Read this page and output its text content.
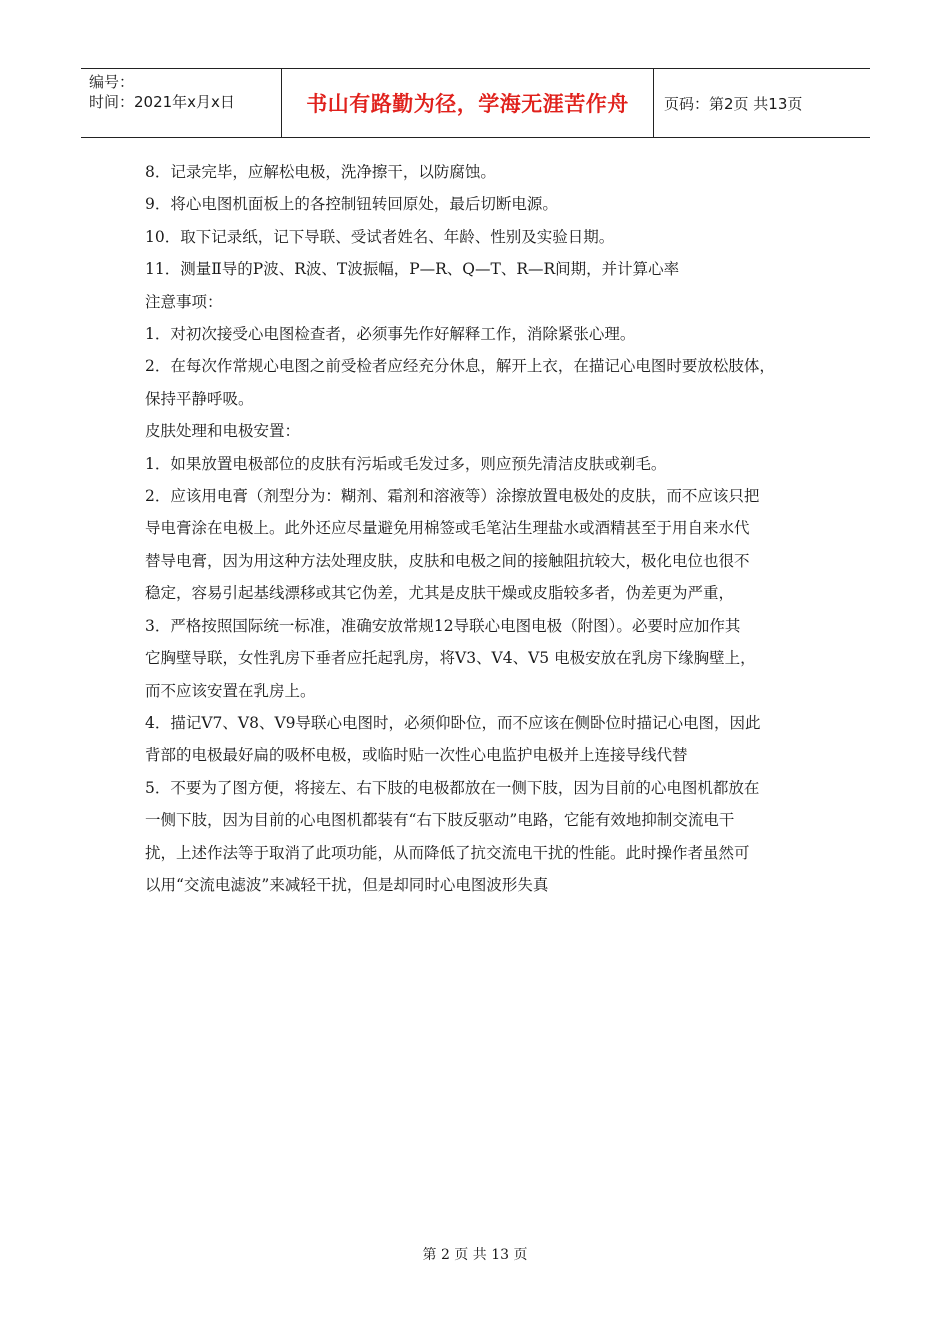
编号：
时间：2021年x月x日	书山有路勤为径，学海无涯苦作舟 页码：第2页 共13页
8．记录完毕，应解松电极，洗净擦干，以防腐蚀。
9．将心电图机面板上的各控制钮转回原处，最后切断电源。
10．取下记录纸，记下导联、受试者姓名、年龄、性别及实验日期。
11．测量Ⅱ导的P波、R波、T波振幅，P—R、Q—T、R—R间期，并计算心率
注意事项：
1．对初次接受心电图检查者，必须事先作好解释工作，消除紧张心理。
2．在每次作常规心电图之前受检者应经充分休息，解开上衣，在描记心电图时要放松肢体，
保持平静呼吸。
皮肤处理和电极安置：
1．如果放置电极部位的皮肤有污垢或毛发过多，则应预先清洁皮肤或剃毛。
2．应该用电膏（剂型分为：糊剂、霜剂和溶液等）涂擦放置电极处的皮肤，而不应该只把
导电膏涂在电极上。此外还应尽量避免用棉签或毛笔沾生理盐水或酒精甚至于用自来水代
替导电膏，因为用这种方法处理皮肤，皮肤和电极之间的接触阻抗较大，极化电位也很不
稳定，容易引起基线漂移或其它伪差，尤其是皮肤干燥或皮脂较多者，伪差更为严重，
3．严格按照国际统一标准，准确安放常规12导联心电图电极（附图）。必要时应加作其
它胸壁导联，女性乳房下垂者应托起乳房，将V3、V4、V5 电极安放在乳房下缘胸壁上，
而不应该安置在乳房上。
4．描记V7、V8、V9导联心电图时，必须仰卧位，而不应该在侧卧位时描记心电图，因此
背部的电极最好扁的吸杯电极，或临时贴一次性心电监护电极并上连接导线代替
5．不要为了图方便，将接左、右下肢的电极都放在一侧下肢，因为目前的心电图机都放在
一侧下肢，因为目前的心电图机都装有“右下肢反驱动”电路，它能有效地抑制交流电干
扰，上述作法等于取消了此项功能，从而降低了抗交流电干扰的性能。此时操作者虽然可
以用“交流电滤波”来减轻干扰，但是却同时心电图波形失真
第 2 页 共 13 页
